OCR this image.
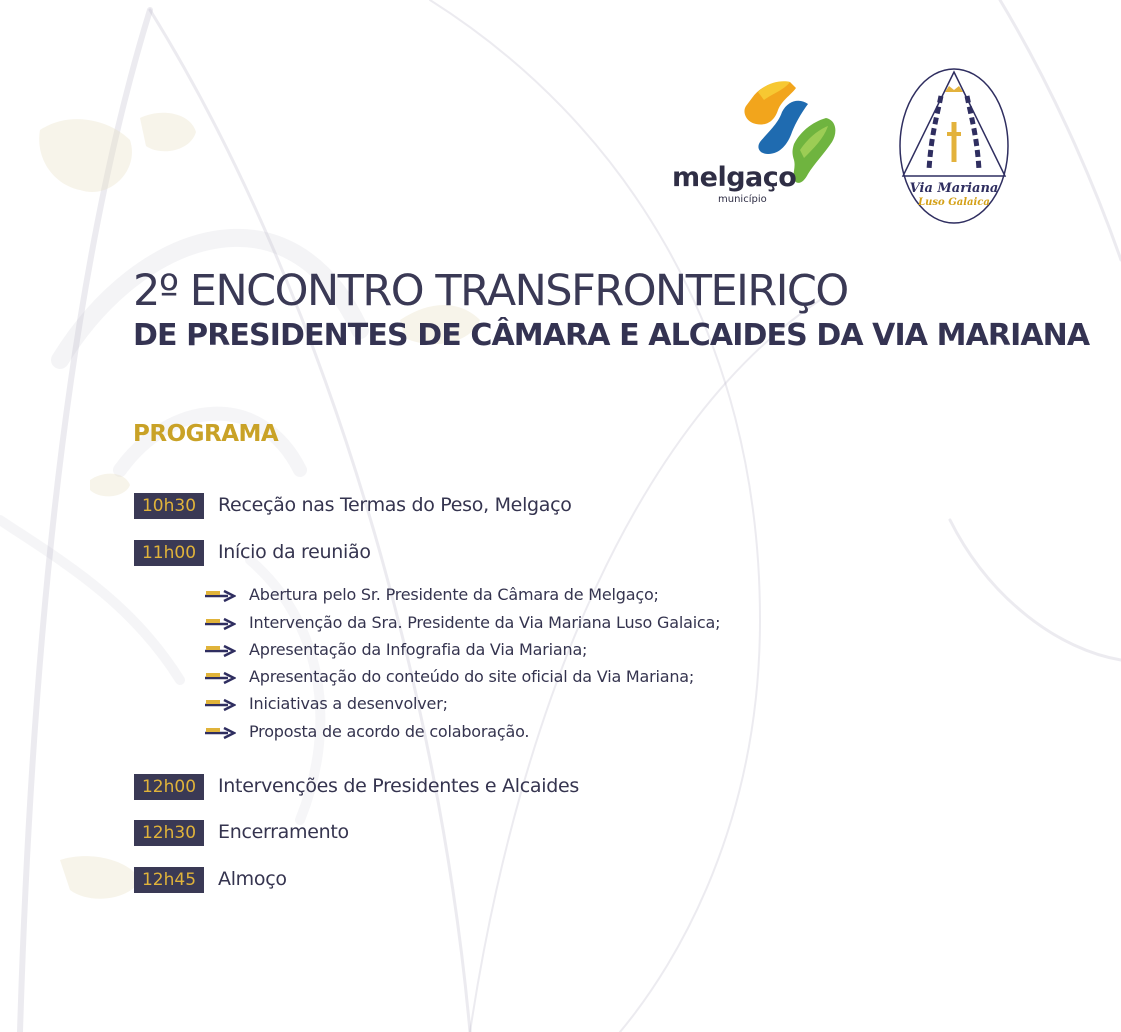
melgaço
município
Via Mariana
Luso Galaica
2º ENCONTRO TRANSFRONTEIRIÇO
DE PRESIDENTES DE CÂMARA E ALCAIDES DA VIA MARIANA
PROGRAMA
10h30	Receção nas Termas do Peso, Melgaço
11h00	Início da reunião
Abertura pelo Sr. Presidente da Câmara de Melgaço;
Intervenção da Sra. Presidente da Via Mariana Luso Galaica;
Apresentação da Infografia da Via Mariana;
Apresentação do conteúdo do site oficial da Via Mariana;
Iniciativas a desenvolver;
Proposta de acordo de colaboração.
12h00	Intervenções de Presidentes e Alcaides
12h30	Encerramento
12h45	Almoço
